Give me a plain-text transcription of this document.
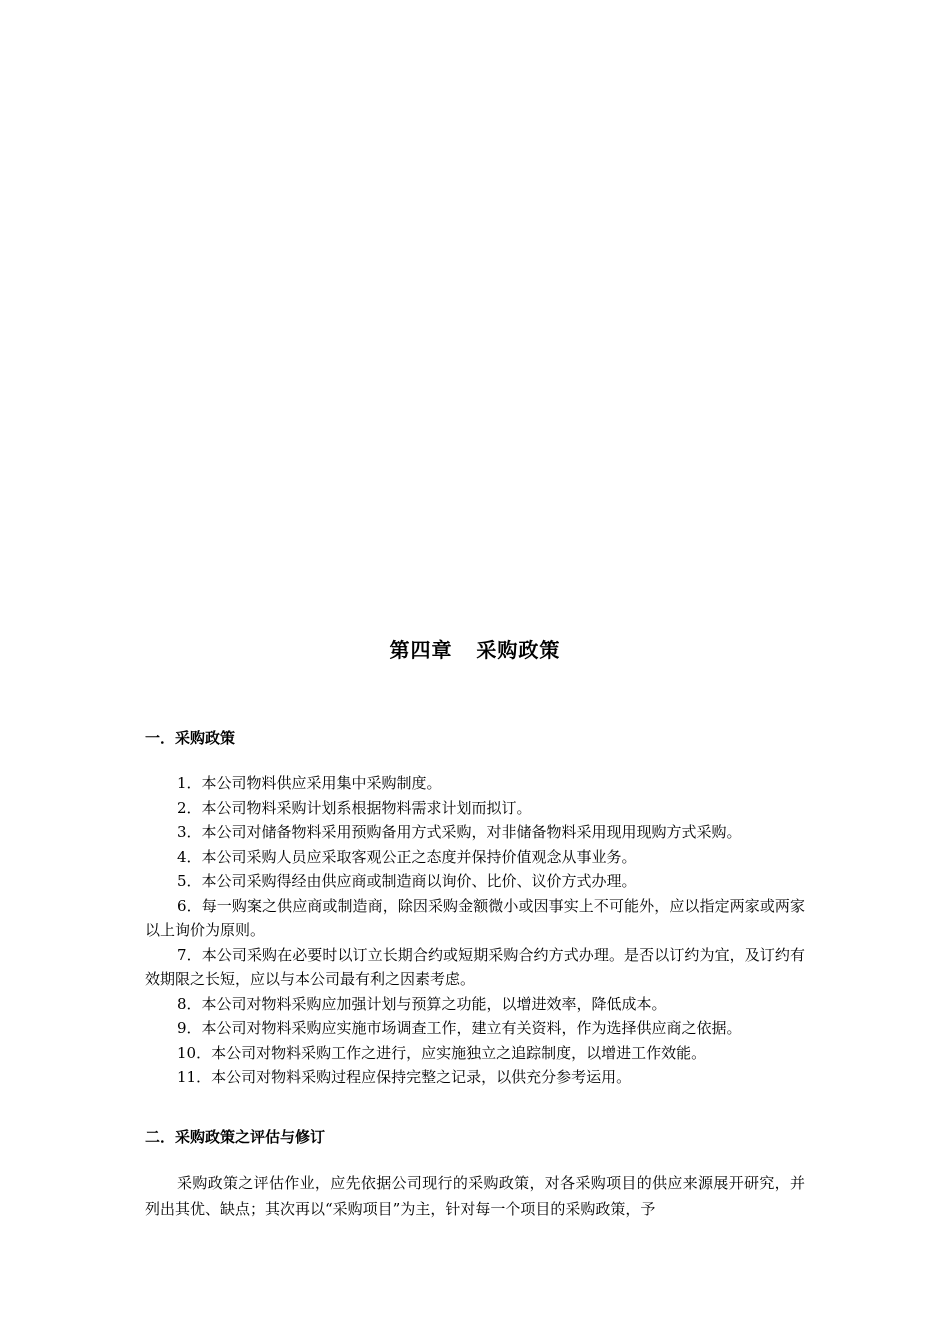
第四章   采购政策
一．采购政策

1．本公司物料供应采用集中采购制度。

2．本公司物料采购计划系根据物料需求计划而拟订。

3．本公司对储备物料采用预购备用方式采购，对非储备物料采用现用现购方式采购。

4．本公司采购人员应采取客观公正之态度并保持价值观念从事业务。

5．本公司采购得经由供应商或制造商以询价、比价、议价方式办理。

6．每一购案之供应商或制造商，除因采购金额微小或因事实上不可能外，应以指定两家或两家以上询价为原则。

7．本公司采购在必要时以订立长期合约或短期采购合约方式办理。是否以订约为宜，及订约有效期限之长短，应以与本公司最有利之因素考虑。

8．本公司对物料采购应加强计划与预算之功能，以增进效率，降低成本。

9．本公司对物料采购应实施市场调查工作，建立有关资料，作为选择供应商之依据。

10．本公司对物料采购工作之进行，应实施独立之追踪制度，以增进工作效能。

11．本公司对物料采购过程应保持完整之记录，以供充分参考运用。

二．采购政策之评估与修订

采购政策之评估作业，应先依据公司现行的采购政策，对各采购项目的供应来源展开研究，并列出其优、缺点；其次再以“采购项目”为主，针对每一个项目的采购政策，予
